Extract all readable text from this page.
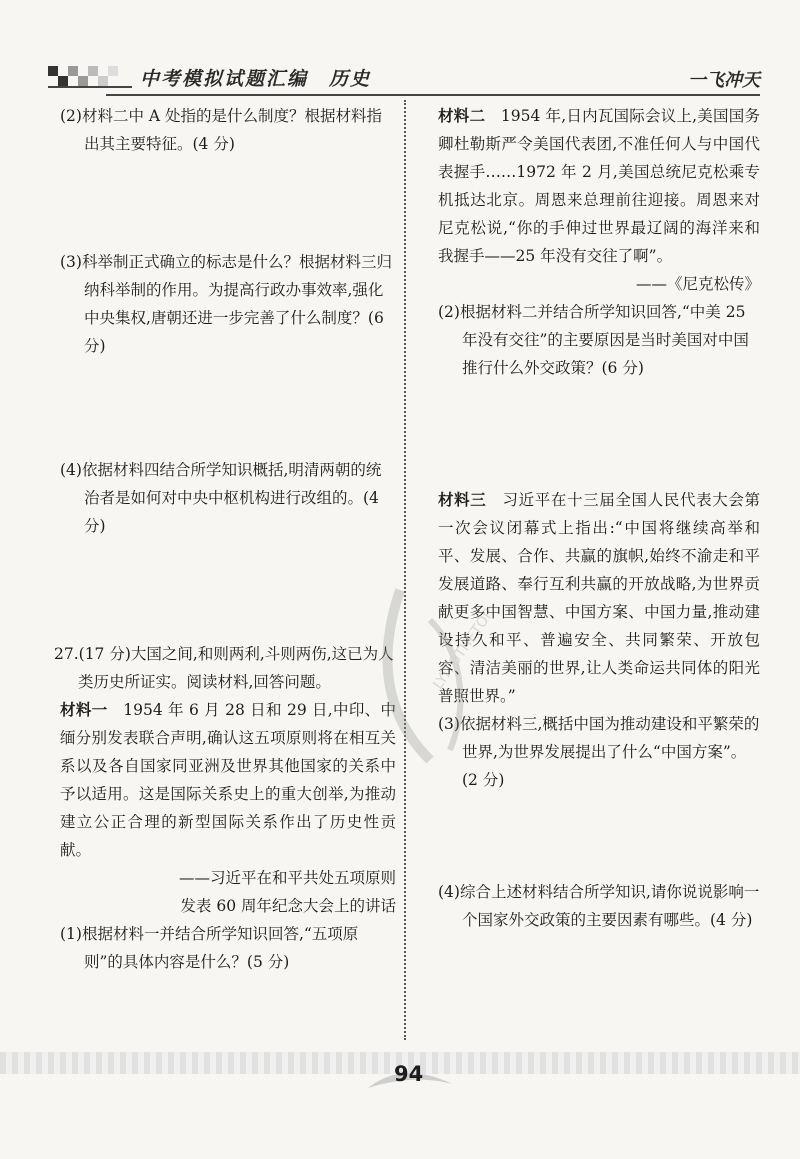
中考模拟试题汇编　历史	一飞冲天

(2)材料二中 A 处指的是什么制度？根据材料指出其主要特征。(4 分)

(3)科举制正式确立的标志是什么？根据材料三归纳科举制的作用。为提高行政办事效率,强化中央集权,唐朝还进一步完善了什么制度？(6 分)

(4)依据材料四结合所学知识概括,明清两朝的统治者是如何对中央中枢机构进行改组的。(4 分)

27.(17 分)大国之间,和则两利,斗则两伤,这已为人类历史所证实。阅读材料,回答问题。

材料一　1954 年 6 月 28 日和 29 日,中印、中缅分别发表联合声明,确认这五项原则将在相互关系以及各自国家同亚洲及世界其他国家的关系中予以适用。这是国际关系史上的重大创举,为推动建立公正合理的新型国际关系作出了历史性贡献。

——习近平在和平共处五项原则

发表 60 周年纪念大会上的讲话

(1)根据材料一并结合所学知识回答,“五项原则”的具体内容是什么？(5 分)

材料二　1954 年,日内瓦国际会议上,美国国务卿杜勒斯严令美国代表团,不准任何人与中国代表握手……1972 年 2 月,美国总统尼克松乘专机抵达北京。周恩来总理前往迎接。周恩来对尼克松说,“你的手伸过世界最辽阔的海洋来和我握手——25 年没有交往了啊”。

——《尼克松传》

(2)根据材料二并结合所学知识回答,“中美 25 年没有交往”的主要原因是当时美国对中国推行什么外交政策？(6 分)

材料三　习近平在十三届全国人民代表大会第一次会议闭幕式上指出:“中国将继续高举和平、发展、合作、共赢的旗帜,始终不渝走和平发展道路、奉行互利共赢的开放战略,为世界贡献更多中国智慧、中国方案、中国力量,推动建设持久和平、普遍安全、共同繁荣、开放包容、清洁美丽的世界,让人类命运共同体的阳光普照世界。”

(3)依据材料三,概括中国为推动建设和平繁荣的世界,为世界发展提出了什么“中国方案”。(2 分)

(4)综合上述材料结合所学知识,请你说说影响一个国家外交政策的主要因素有哪些。(4 分)

LYITOTHETOP
94
